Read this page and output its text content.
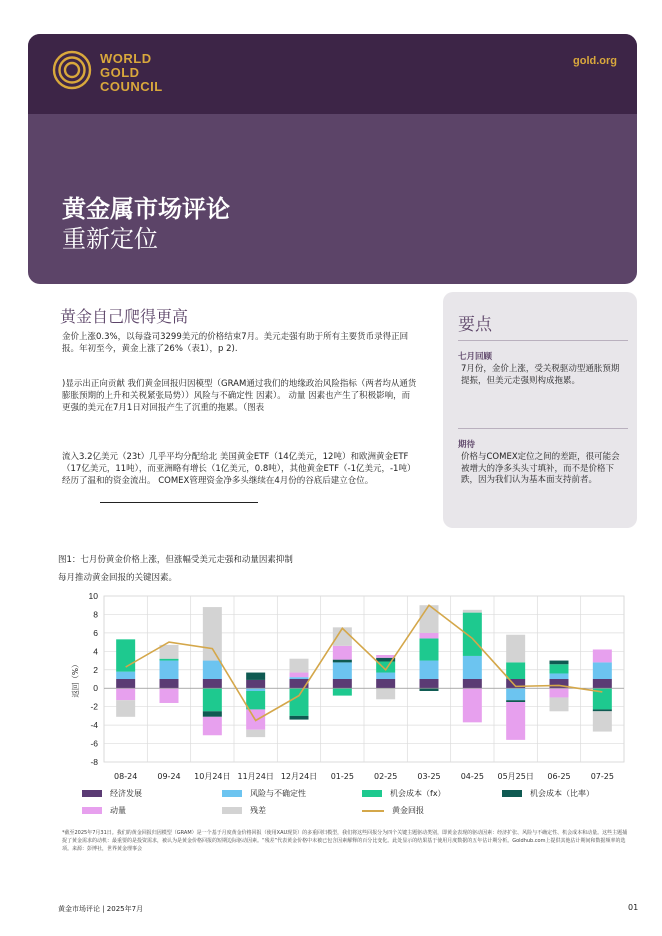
WORLD
GOLD
COUNCIL
gold.org
黄金属市场评论
重新定位
黄金自己爬得更高
金价上涨0.3%，以每盎司3299美元的价格结束7月。美元走强有助于所有主要货币录得正回报。年初至今，黄金上涨了26%（表1），p 2).
)显示出正向贡献 我们黄金回报归因模型（GRAM通过我们的地缘政治风险指标（两者均从通货膨胀预期的上升和关税紧张局势））风险与不确定性 因素）。 动量 因素也产生了积极影响，而更强的美元在7月1日对回报产生了沉重的拖累。（图表
流入3.2亿美元（23t）几乎平均分配给北 美国黄金ETF（14亿美元，12吨）和欧洲黄金ETF（17亿美元，11吨），而亚洲略有增长（1亿美元，0.8吨），其他黄金ETF（-1亿美元，-1吨）经历了温和的资金流出。 COMEX管理资金净多头继续在4月份的谷底后建立仓位。
要点
七月回顾
7月份，金价上涨，受关税驱动型通胀预期提振，但美元走强则构成拖累。
期待
价格与COMEX定位之间的差距，很可能会被增大的净多头头寸填补，而不是价格下跌，因为我们认为基本面支持前者。
图1：七月份黄金价格上涨，但涨幅受美元走强和动量因素抑制
每月推动黄金回报的关键因素。
-8
-6
-4
-2
0
2
4
6
8
10
返回（%）
08-24	09-24 10月24日 11月24日 12月24日 01-25	02-25	03-25	04-25 05月25日 06-25	07-25
经济发展	风险与不确定性	机会成本（fx）	机会成本（比率）
动量	残差	黄金回报
*截至2025年7月31日。我们的黄金回报归因模型（GRAM）是一个基于月度黄金价格回报（使用XAU现货）的多重回归模型，我们将这些回报分为四个关键主题驱动类别，即黄金表现的驱动因素：经济扩张、风险与不确定性、机会成本和动量。这些主题捕捉了黄金需求的动机：最重要的是投资需求，被认为是黄金价格回报的短期边际驱动因素。“残差”代表黄金价格中未被已包含因素解释的百分比变化。此处显示的结果基于使用月度数据的五年估计期分析。Goldhub.com上提供其他估计期间和数据频率的选项。来源：彭博社，世界黄金理事会
黄金市场评论 | 2025年7月	01
